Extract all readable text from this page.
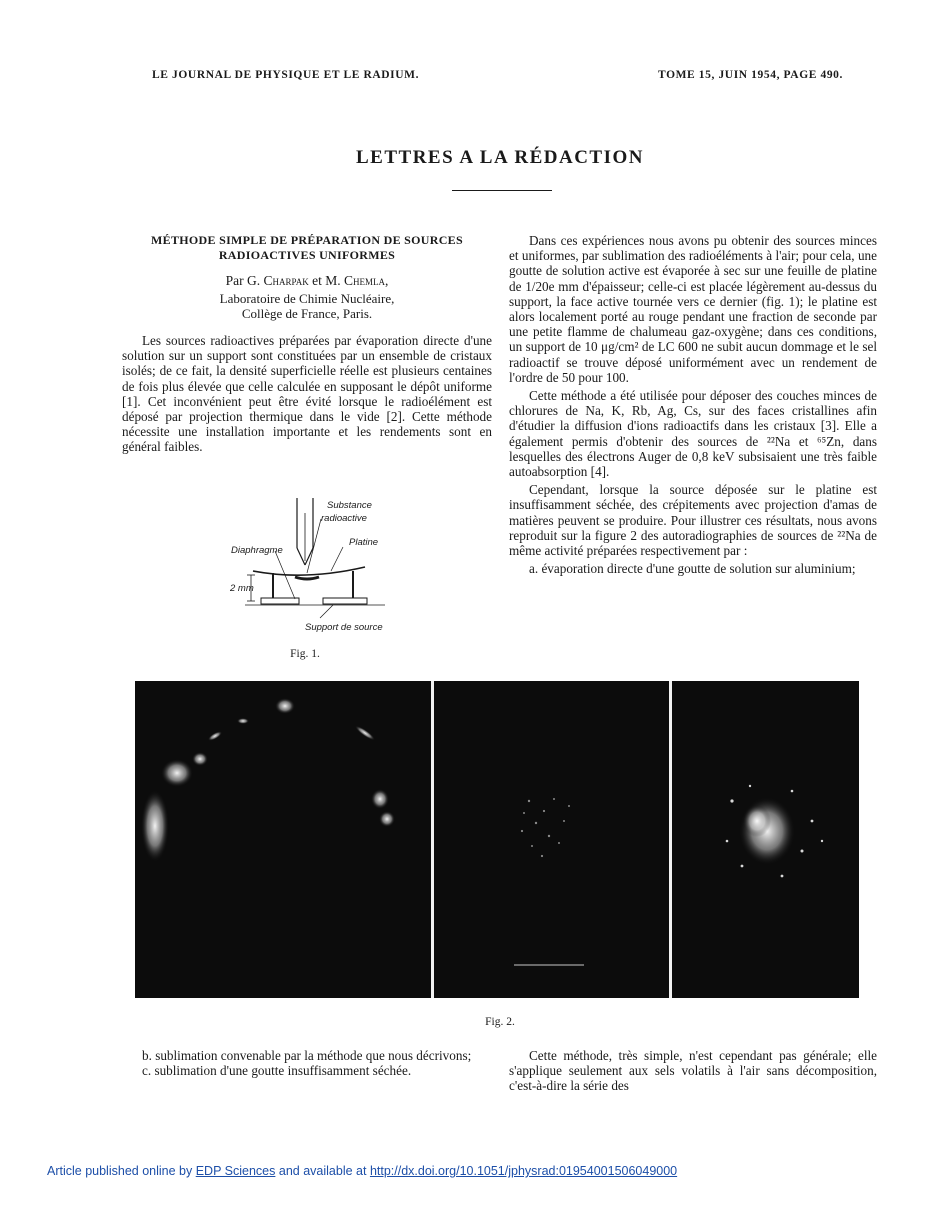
LE JOURNAL DE PHYSIQUE ET LE RADIUM.	TOME 15, JUIN 1954, PAGE 490.
LETTRES A LA RÉDACTION
MÉTHODE SIMPLE DE PRÉPARATION DE SOURCES
RADIOACTIVES UNIFORMES
Par G. Charpak et M. Chemla,
Laboratoire de Chimie Nucléaire,
Collège de France, Paris.

Les sources radioactives préparées par évaporation directe d'une solution sur un support sont constituées par un ensemble de cristaux isolés; de ce fait, la densité superficielle réelle est plusieurs centaines de fois plus élevée que celle calculée en supposant le dépôt uniforme [1]. Cet inconvénient peut être évité lorsque le radioélément est déposé par projection thermique dans le vide [2]. Cette méthode nécessite une installation importante et les rendements sont en général faibles.

Substance
radioactive
Platine
Diaphragme
2 mm
Support de source
Fig. 1.

Dans ces expériences nous avons pu obtenir des sources minces et uniformes, par sublimation des radioéléments à l'air; pour cela, une goutte de solution active est évaporée à sec sur une feuille de platine de 1/20e mm d'épaisseur; celle-ci est placée légèrement au-dessus du support, la face active tournée vers ce dernier (fig. 1); le platine est alors localement porté au rouge pendant une fraction de seconde par une petite flamme de chalumeau gaz-oxygène; dans ces conditions, un support de 10 μg/cm² de LC 600 ne subit aucun dommage et le sel radioactif se trouve déposé uniformément avec un rendement de l'ordre de 50 pour 100.

Cette méthode a été utilisée pour déposer des couches minces de chlorures de Na, K, Rb, Ag, Cs, sur des faces cristallines afin d'étudier la diffusion d'ions radioactifs dans les cristaux [3]. Elle a également permis d'obtenir des sources de ²²Na et ⁶⁵Zn, dans lesquelles des électrons Auger de 0,8 keV subsisaient une très faible autoabsorption [4].

Cependant, lorsque la source déposée sur le platine est insuffisamment séchée, des crépitements avec projection d'amas de matières peuvent se produire. Pour illustrer ces résultats, nous avons reproduit sur la figure 2 des autoradiographies de sources de ²²Na de même activité préparées respectivement par :

a. évaporation directe d'une goutte de solution sur aluminium;

Fig. 2.

b. sublimation convenable par la méthode que nous décrivons;

c. sublimation d'une goutte insuffisamment séchée.

Cette méthode, très simple, n'est cependant pas générale; elle s'applique seulement aux sels volatils à l'air sans décomposition, c'est-à-dire la série des

Article published online by EDP Sciences and available at http://dx.doi.org/10.1051/jphysrad:01954001506049000
